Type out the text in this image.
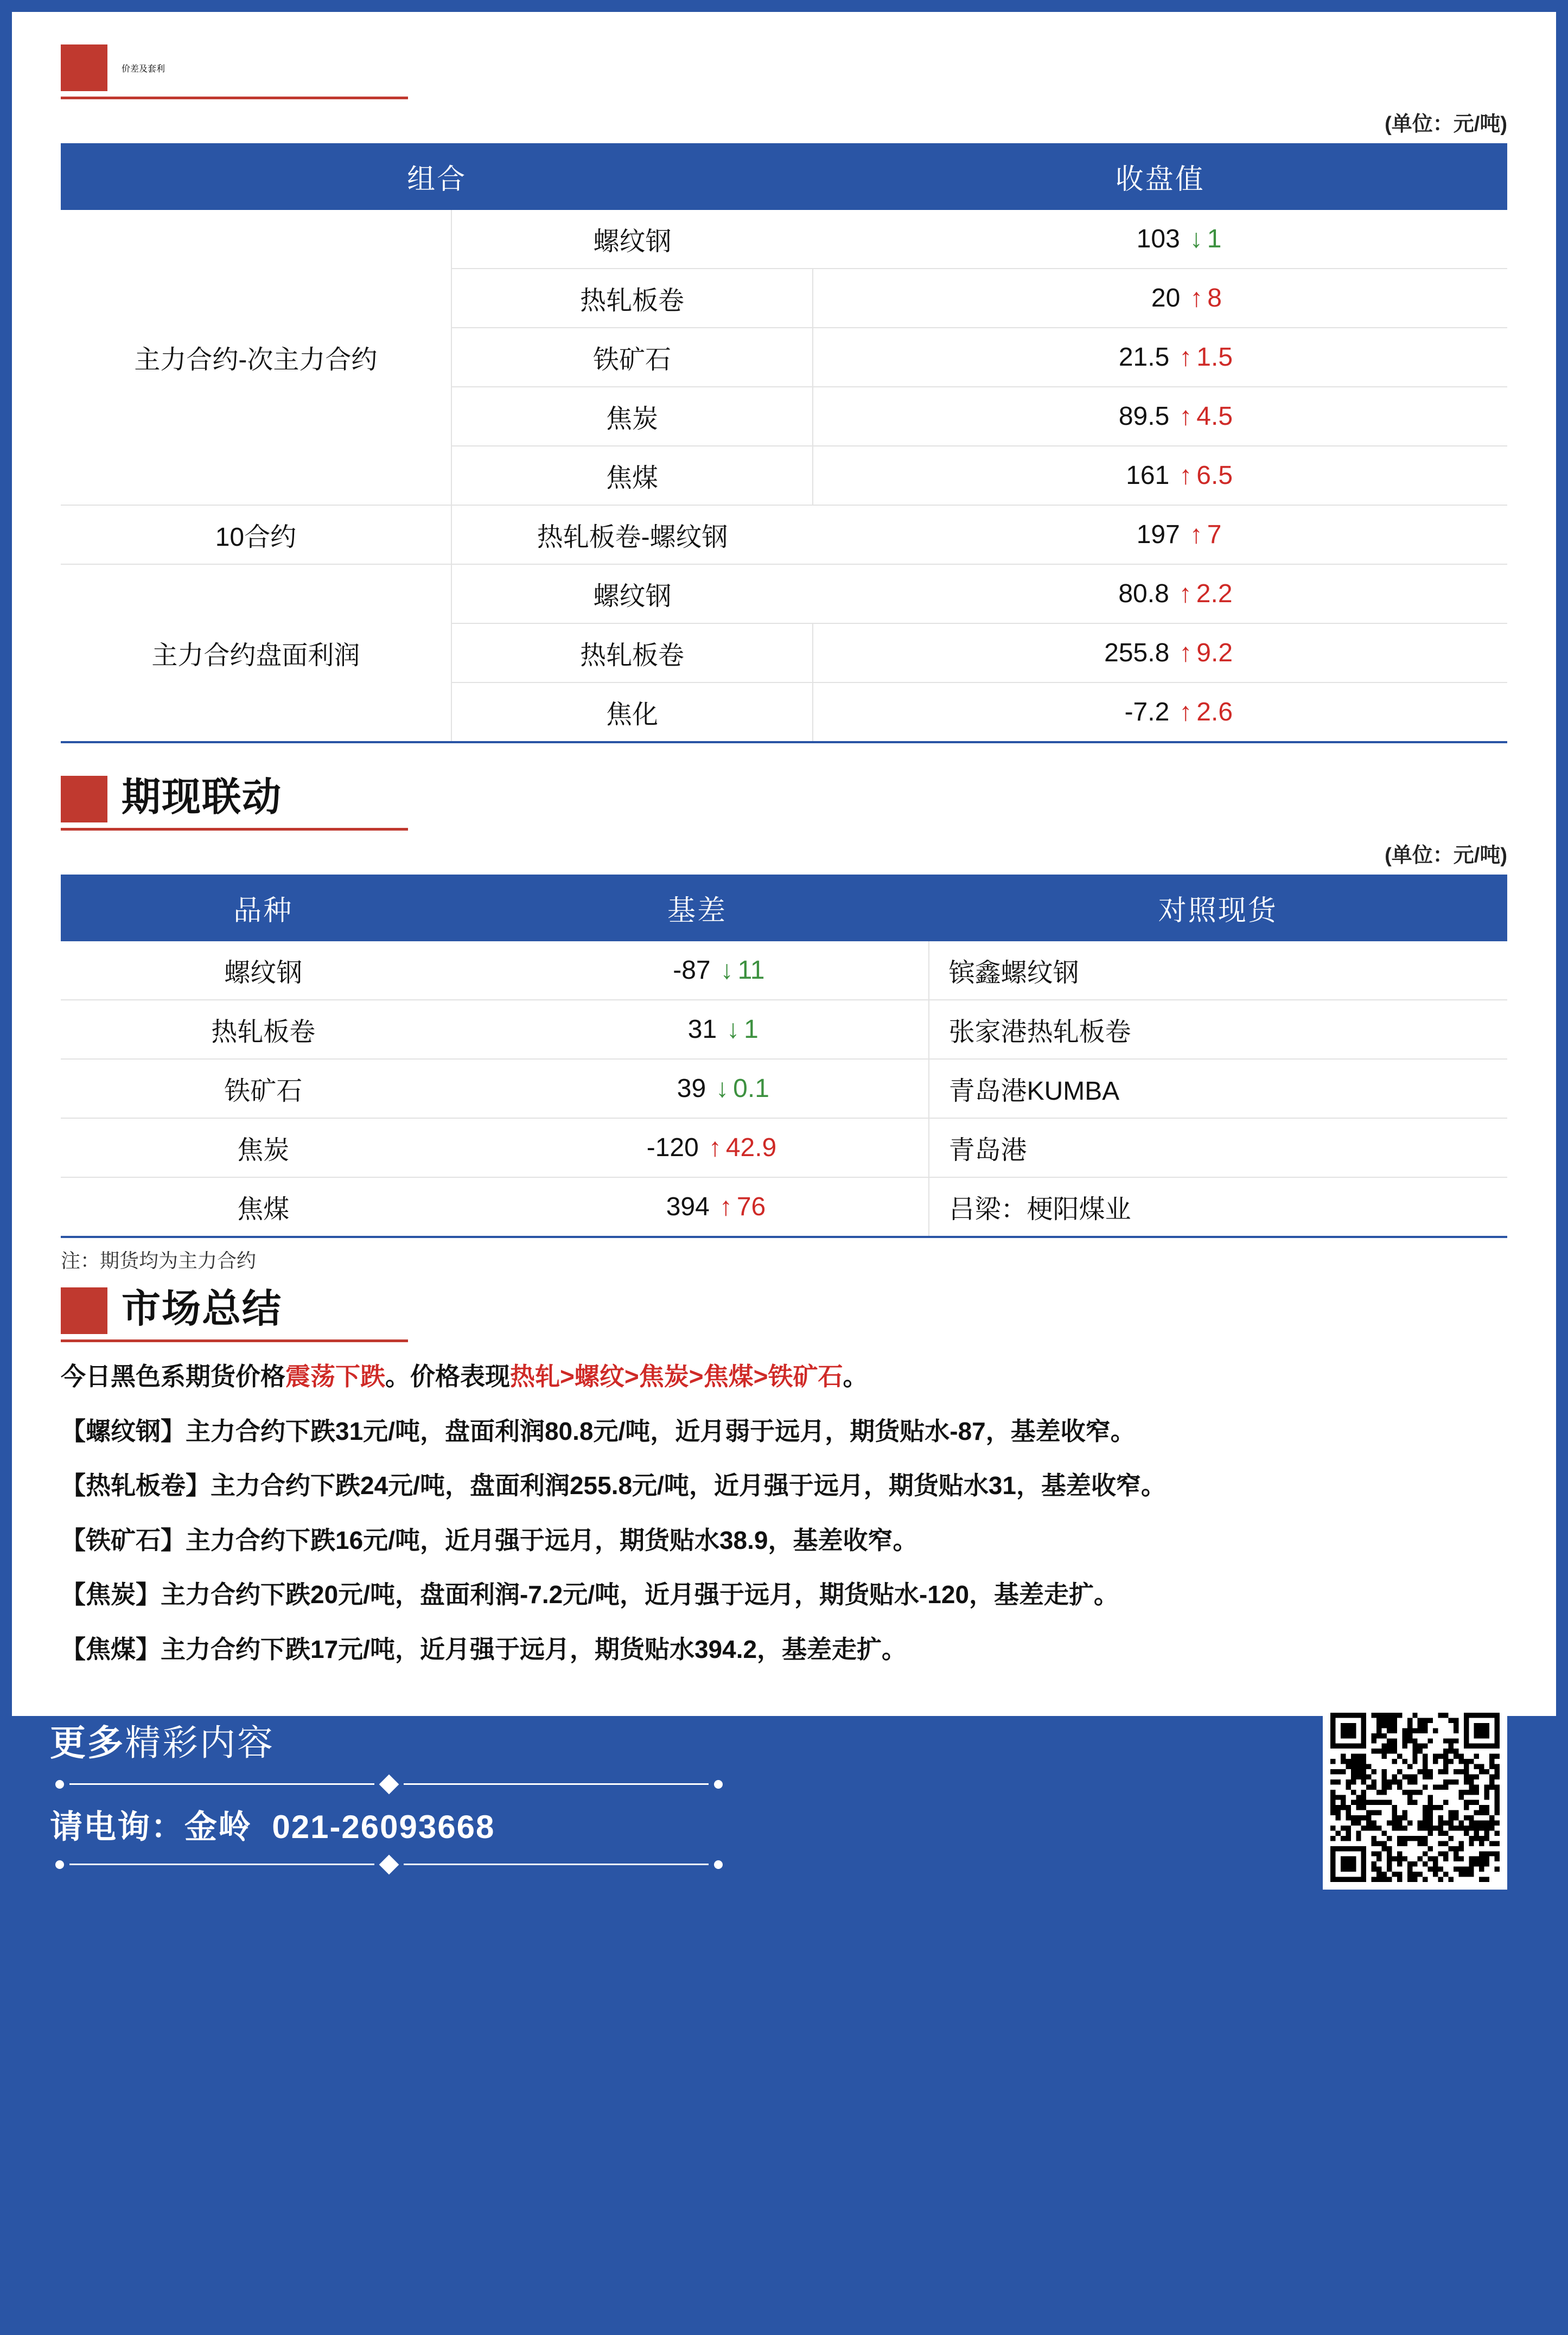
价差及套利
(单位：元/吨)
组合		收盘值
主力合约-次主力合约	螺纹钢	103 ↓ 1
	热轧板卷	20 ↑ 8
	铁矿石	21.5 ↑ 1.5
	焦炭	89.5 ↑ 4.5
	焦煤	161 ↑ 6.5
10合约	热轧板卷-螺纹钢	197 ↑ 7
主力合约盘面利润	螺纹钢	80.8 ↑ 2.2
	热轧板卷	255.8 ↑ 9.2
	焦化	-7.2 ↑ 2.6
期现联动
(单位：元/吨)
品种	基差	对照现货
螺纹钢	-87 ↓ 11	镔鑫螺纹钢
热轧板卷	31 ↓ 1	张家港热轧板卷
铁矿石	39 ↓ 0.1	青岛港KUMBA
焦炭	-120 ↑ 42.9	青岛港
焦煤	394 ↑ 76	吕梁：梗阳煤业
注：期货均为主力合约
市场总结

今日黑色系期货价格震荡下跌。价格表现热轧>螺纹>焦炭>焦煤>铁矿石。

【螺纹钢】主力合约下跌31元/吨，盘面利润80.8元/吨，近月弱于远月，期货贴水-87，基差收窄。

【热轧板卷】主力合约下跌24元/吨，盘面利润255.8元/吨，近月强于远月，期货贴水31，基差收窄。

【铁矿石】主力合约下跌16元/吨，近月强于远月，期货贴水38.9，基差收窄。

【焦炭】主力合约下跌20元/吨，盘面利润-7.2元/吨，近月强于远月，期货贴水-120，基差走扩。

【焦煤】主力合约下跌17元/吨，近月强于远月，期货贴水394.2，基差走扩。

更多精彩内容
请电询：金岭 021-26093668
